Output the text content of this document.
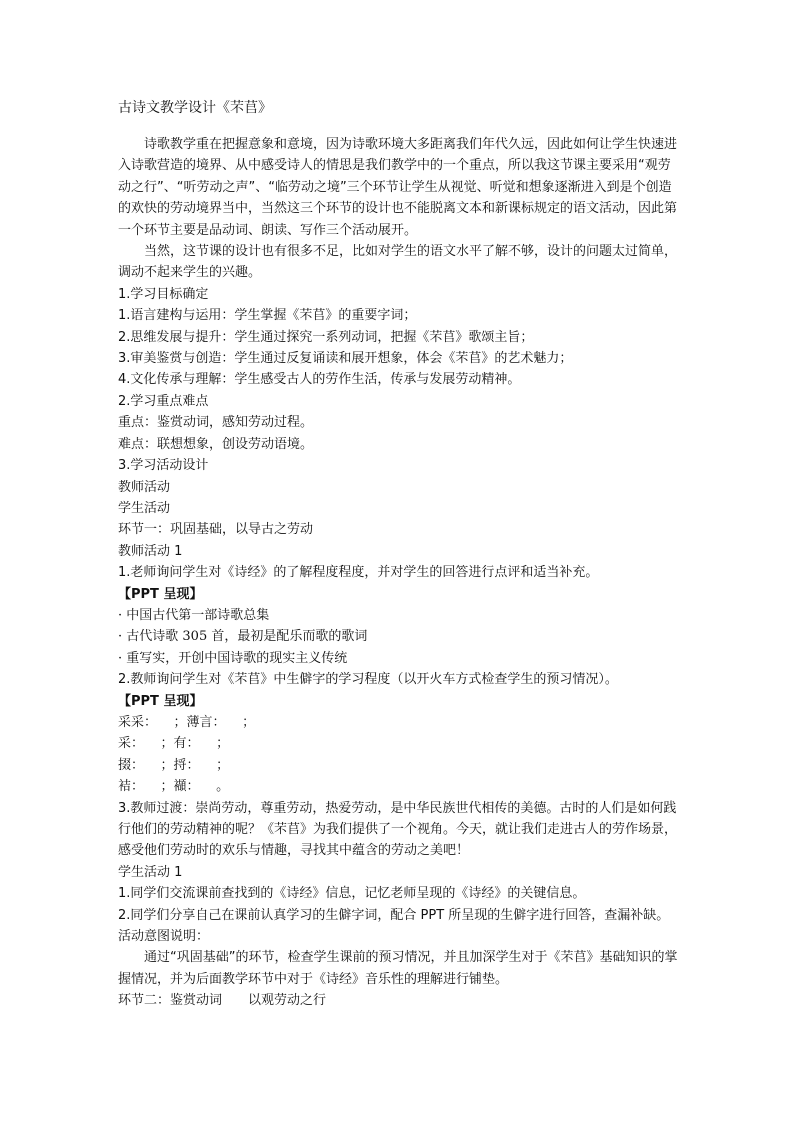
古诗文教学设计《芣苢》

诗歌教学重在把握意象和意境，因为诗歌环境大多距离我们年代久远，因此如何让学生快速进入诗歌营造的境界、从中感受诗人的情思是我们教学中的一个重点，所以我这节课主要采用“观劳动之行”、“听劳动之声”、“临劳动之境”三个环节让学生从视觉、听觉和想象逐渐进入到是个创造的欢快的劳动境界当中，当然这三个环节的设计也不能脱离文本和新课标规定的语文活动，因此第一个环节主要是品动词、朗读、写作三个活动展开。

当然，这节课的设计也有很多不足，比如对学生的语文水平了解不够，设计的问题太过简单，调动不起来学生的兴趣。

1.学习目标确定

1.语言建构与运用：学生掌握《芣苢》的重要字词；

2.思维发展与提升：学生通过探究一系列动词，把握《芣苢》歌颂主旨；

3.审美鉴赏与创造：学生通过反复诵读和展开想象，体会《芣苢》的艺术魅力；

4.文化传承与理解：学生感受古人的劳作生活，传承与发展劳动精神。

2.学习重点难点

重点：鉴赏动词，感知劳动过程。

难点：联想想象，创设劳动语境。

3.学习活动设计

教师活动

学生活动

环节一：巩固基础，以导古之劳动

教师活动 1

1.老师询问学生对《诗经》的了解程度程度，并对学生的回答进行点评和适当补充。

【PPT 呈现】

· 中国古代第一部诗歌总集

· 古代诗歌 305 首，最初是配乐而歌的歌词

· 重写实，开创中国诗歌的现实主义传统

2.教师询问学生对《芣苢》中生僻字的学习程度（以开火车方式检查学生的预习情况）。

【PPT 呈现】

采采： ；薄言： ；
采： ；有： ；
掇： ；捋： ；
袺： ；襭： 。

3.教师过渡：崇尚劳动，尊重劳动，热爱劳动，是中华民族世代相传的美德。古时的人们是如何践行他们的劳动精神的呢？《芣苢》为我们提供了一个视角。今天，就让我们走进古人的劳作场景，感受他们劳动时的欢乐与情趣，寻找其中蕴含的劳动之美吧！

学生活动 1

1.同学们交流课前查找到的《诗经》信息，记忆老师呈现的《诗经》的关键信息。

2.同学们分享自己在课前认真学习的生僻字词，配合 PPT 所呈现的生僻字进行回答，查漏补缺。

活动意图说明：

通过“巩固基础”的环节，检查学生课前的预习情况，并且加深学生对于《芣苢》基础知识的掌握情况，并为后面教学环节中对于《诗经》音乐性的理解进行铺垫。

环节二：鉴赏动词　　以观劳动之行
